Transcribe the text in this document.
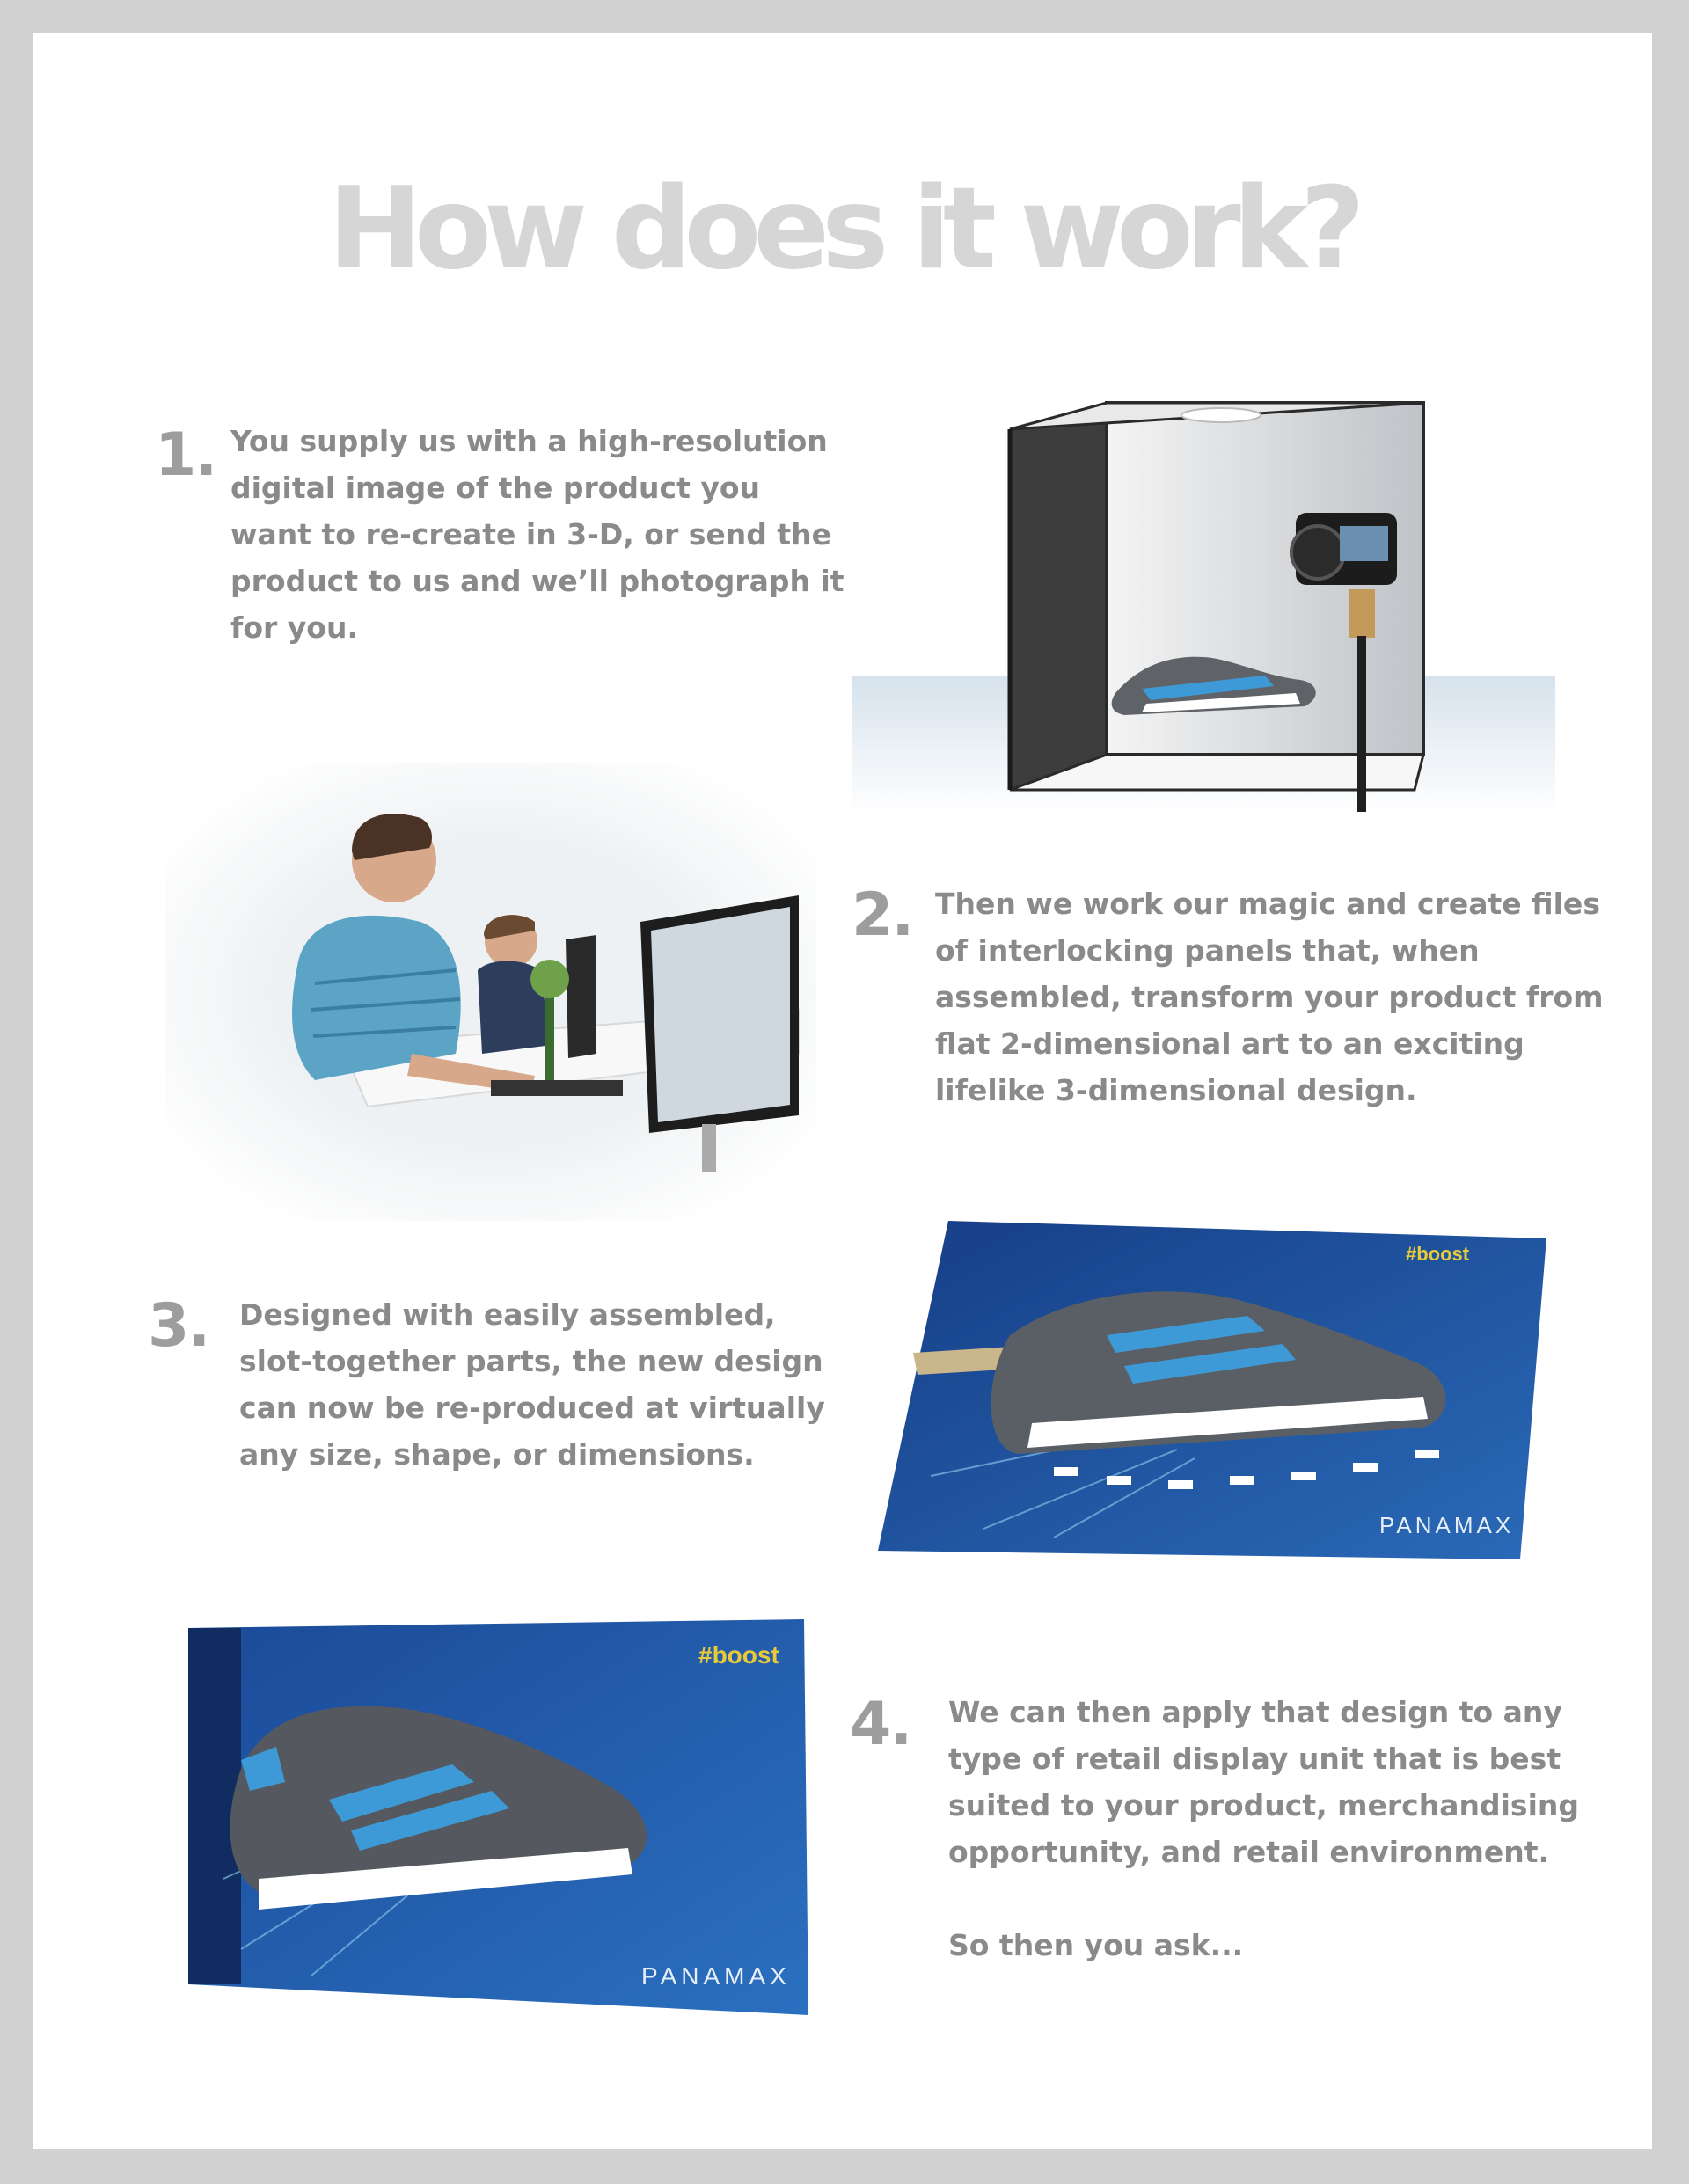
How does it work?
1. You supply us with a high-resolution digital image of the product you want to re-create in 3-D, or send the product to us and we’ll photograph it for you.

2. Then we work our magic and create files of interlocking panels that, when assembled, transform your product from flat 2-dimensional art to an exciting lifelike 3-dimensional design.

3. Designed with easily assembled, slot-together parts, the new design can now be re-produced at virtually any size, shape, or dimensions.

#boost
PANAMAX
#boost
PANAMAX
4. We can then apply that design to any type of retail display unit that is best suited to your product, merchandising opportunity, and retail environment.

So then you ask...
